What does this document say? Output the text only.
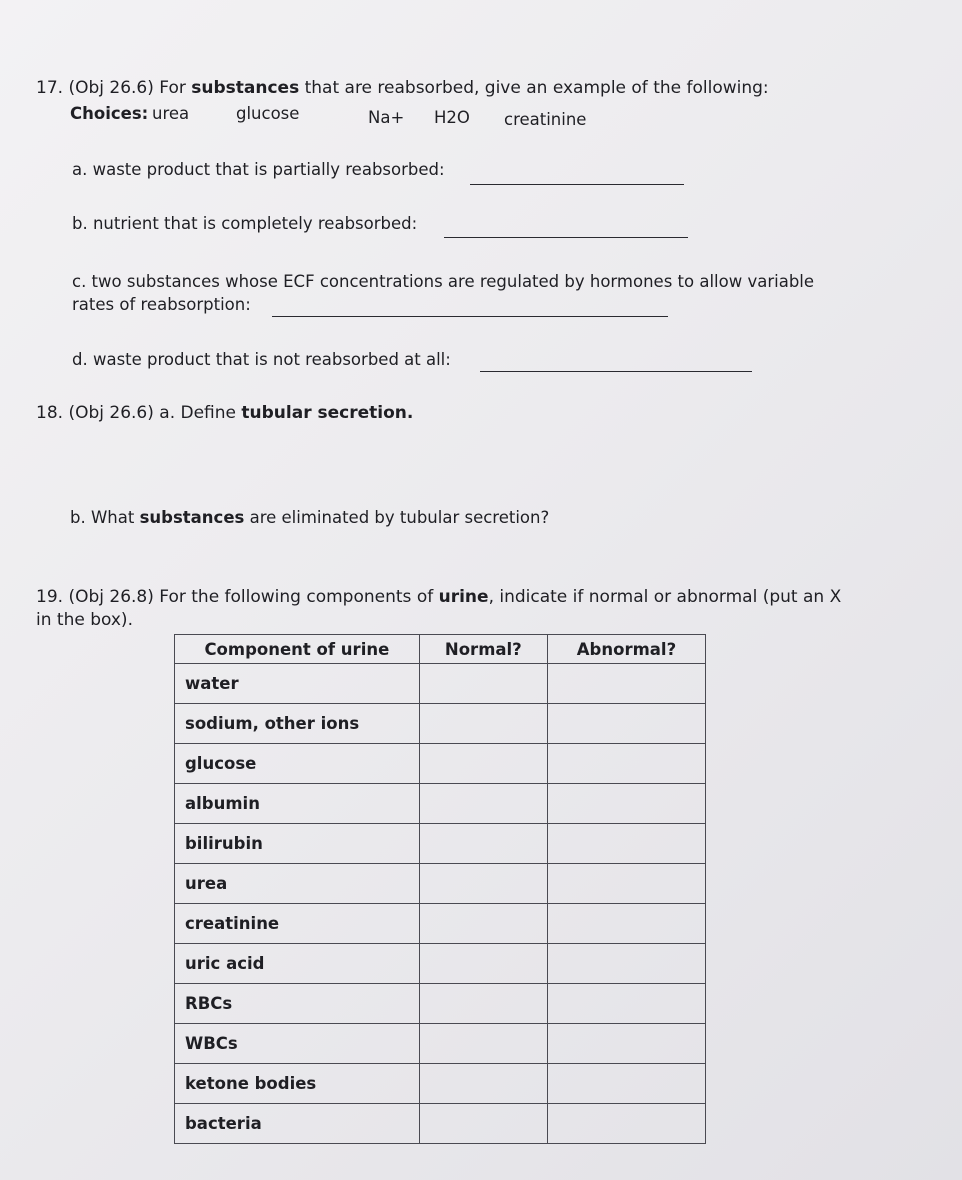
17. (Obj 26.6) For substances that are reabsorbed, give an example of the following:
Choices: urea	glucose	Na+ H2O creatinine
a. waste product that is partially reabsorbed:
b. nutrient that is completely reabsorbed:
c. two substances whose ECF concentrations are regulated by hormones to allow variable
rates of reabsorption:
d. waste product that is not reabsorbed at all:
18. (Obj 26.6) a. Define tubular secretion.
b. What substances are eliminated by tubular secretion?
19. (Obj 26.8) For the following components of urine, indicate if normal or abnormal (put an X
in the box).
Component of urine	Normal?	Abnormal?
water		
sodium, other ions		
glucose		
albumin		
bilirubin		
urea		
creatinine		
uric acid		
RBCs		
WBCs		
ketone bodies		
bacteria		
